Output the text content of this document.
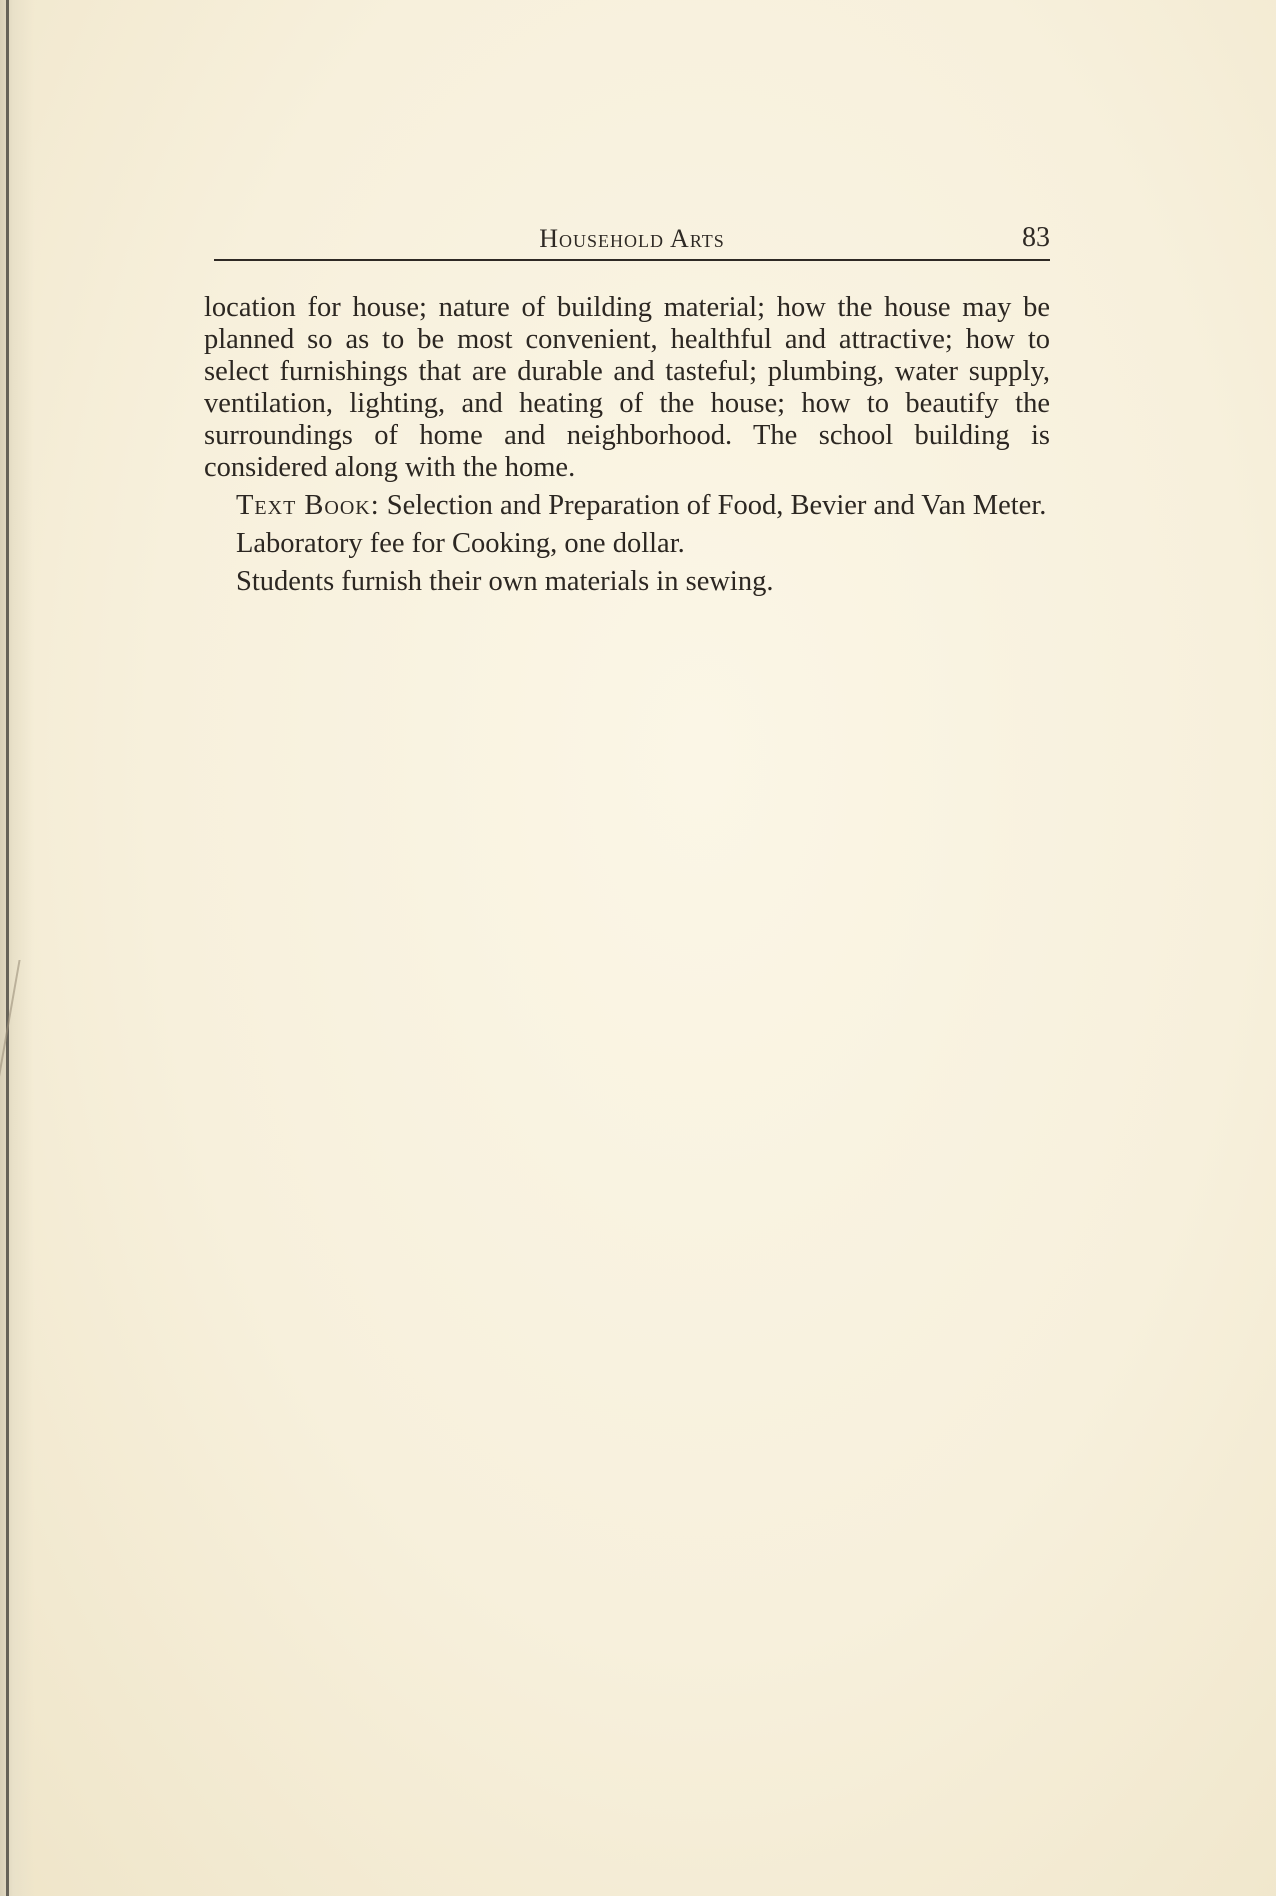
Household Arts	83

location for house; nature of building material; how the house may be planned so as to be most convenient, healthful and attractive; how to select furnishings that are durable and tasteful; plumbing, water supply, ventilation, lighting, and heating of the house; how to beautify the surroundings of home and neighborhood. The school building is considered along with the home.

Text Book: Selection and Preparation of Food, Bevier and Van Meter.

Laboratory fee for Cooking, one dollar.

Students furnish their own materials in sewing.
